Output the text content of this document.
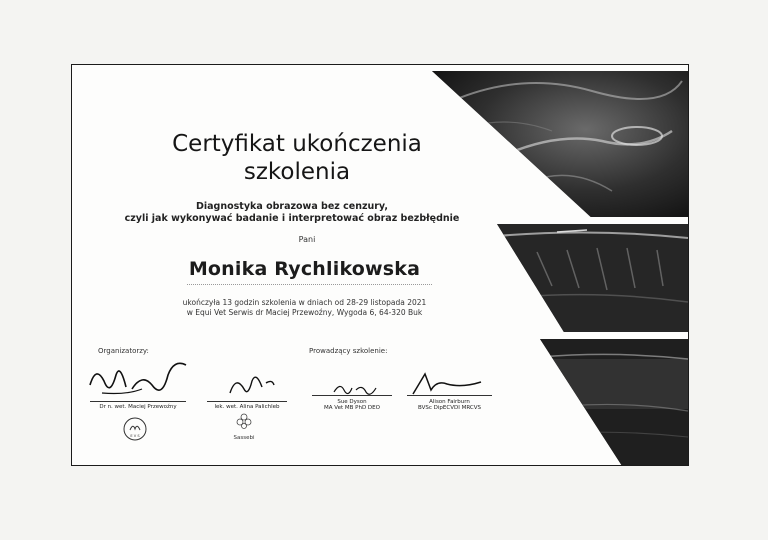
Certyfikat ukończenia
szkolenia
Diagnostyka obrazowa bez cenzury,
czyli jak wykonywać badanie i interpretować obraz bezbłędnie
Pani
Monika Rychlikowska
ukończyła 13 godzin szkolenia w dniach od 28-29 listopada 2021
w Equi Vet Serwis dr Maciej Przewoźny, Wygoda 6, 64-320 Buk
Organizatorzy:
Dr n. wet. Maciej Przewoźny	lek. wet. Alina Palichleb
E V S	Sassebi
Prowadzący szkolenie:
Sue Dyson
MA Vet MB PhD DEO
Alison Fairburn
BVSc DipECVDI MRCVS
